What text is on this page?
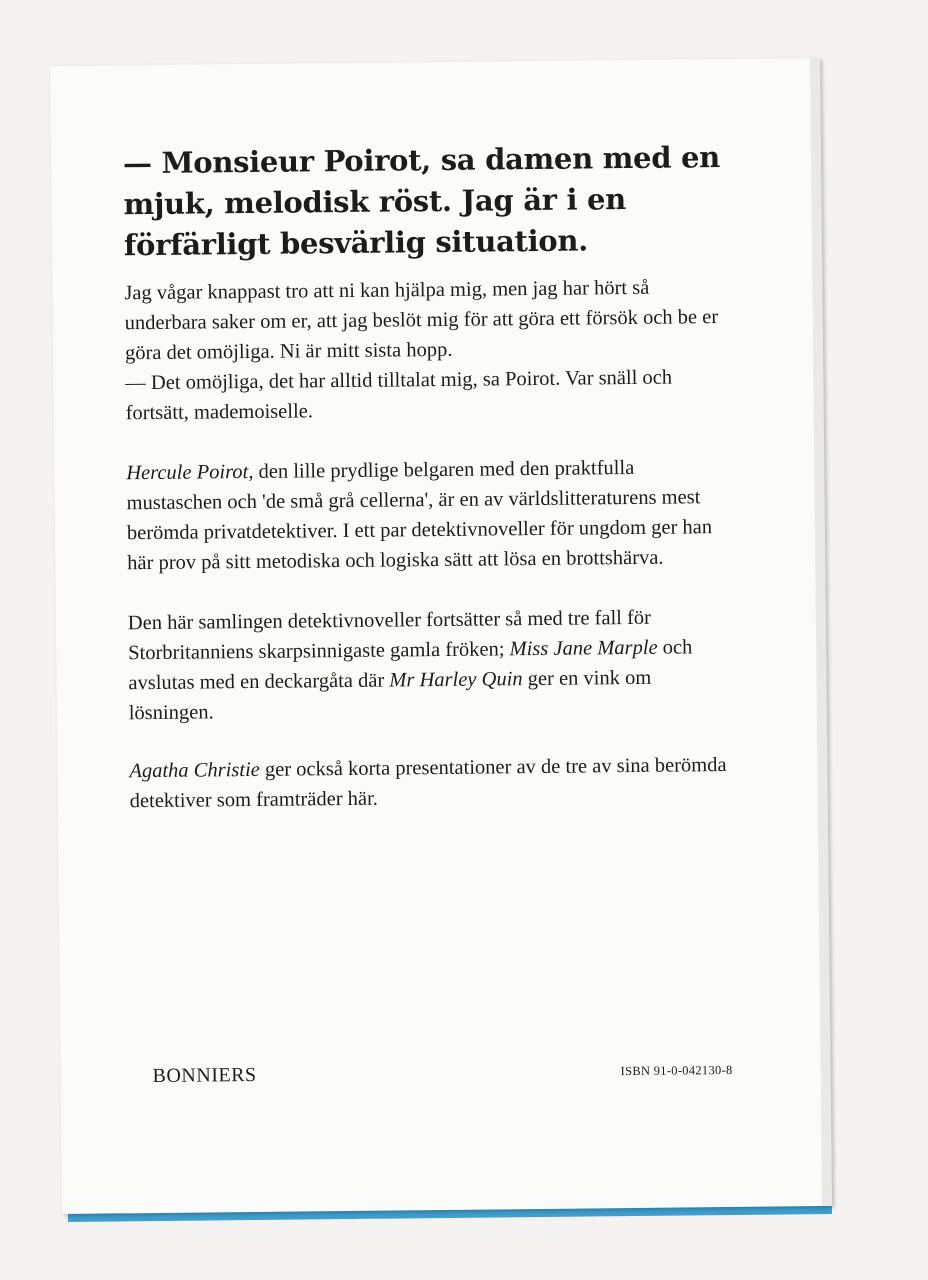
— Monsieur Poirot, sa damen med en mjuk, melodisk röst. Jag är i en förfärligt besvärlig situation.

Jag vågar knappast tro att ni kan hjälpa mig, men jag har hört så underbara saker om er, att jag beslöt mig för att göra ett försök och be er göra det omöjliga. Ni är mitt sista hopp.
— Det omöjliga, det har alltid tilltalat mig, sa Poirot. Var snäll och fortsätt, mademoiselle.

Hercule Poirot, den lille prydlige belgaren med den praktfulla mustaschen och 'de små grå cellerna', är en av världslitteraturens mest berömda privatdetektiver. I ett par detektivnoveller för ungdom ger han här prov på sitt metodiska och logiska sätt att lösa en brottshärva.

Den här samlingen detektivnoveller fortsätter så med tre fall för Storbritanniens skarpsinnigaste gamla fröken; Miss Jane Marple och avslutas med en deckargåta där Mr Harley Quin ger en vink om lösningen.

Agatha Christie ger också korta presentationer av de tre av sina berömda detektiver som framträder här.

BONNIERS	ISBN 91-0-042130-8
